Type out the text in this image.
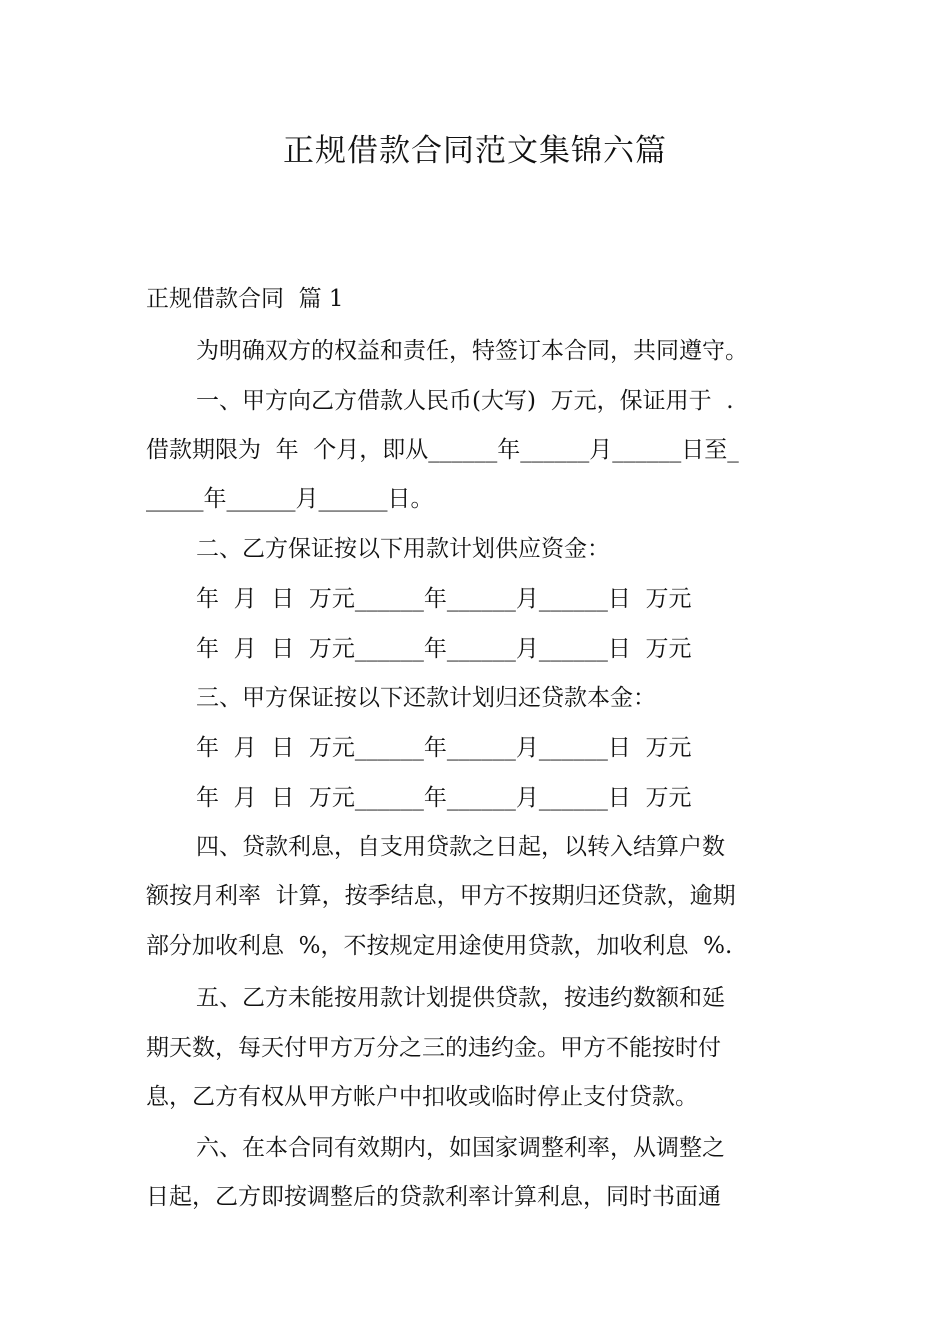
正规借款合同范文集锦六篇
正规借款合同  篇 1
为明确双方的权益和责任，特签订本合同，共同遵守。
一、甲方向乙方借款人民币(大写)  万元，保证用于  .
借款期限为  年  个月，即从______年______月______日至_
_____年______月______日。
二、乙方保证按以下用款计划供应资金：
年  月  日  万元______年______月______日  万元
年  月  日  万元______年______月______日  万元
三、甲方保证按以下还款计划归还贷款本金：
年  月  日  万元______年______月______日  万元
年  月  日  万元______年______月______日  万元
四、贷款利息，自支用贷款之日起，以转入结算户数
额按月利率  计算，按季结息，甲方不按期归还贷款，逾期
部分加收利息  %，不按规定用途使用贷款，加收利息  %.
五、乙方未能按用款计划提供贷款，按违约数额和延
期天数，每天付甲方万分之三的违约金。甲方不能按时付
息，乙方有权从甲方帐户中扣收或临时停止支付贷款。
六、在本合同有效期内，如国家调整利率，从调整之
日起，乙方即按调整后的贷款利率计算利息，同时书面通
